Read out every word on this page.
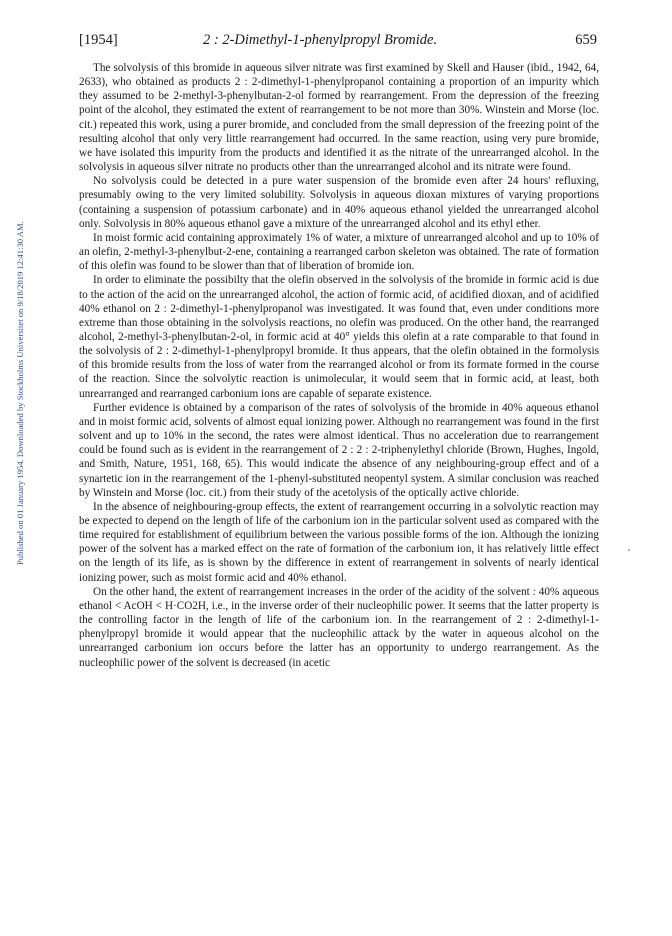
[1954]	2 : 2-Dimethyl-1-phenylpropyl Bromide.	659
Published on 01 January 1954. Downloaded by Stockholms Universitet on 9/18/2019 12:41:30 AM.

The solvolysis of this bromide in aqueous silver nitrate was first examined by Skell and Hauser (ibid., 1942, 64, 2633), who obtained as products 2 : 2-dimethyl-1-phenylpropanol containing a proportion of an impurity which they assumed to be 2-methyl-3-phenylbutan-2-ol formed by rearrangement. From the depression of the freezing point of the alcohol, they estimated the extent of rearrangement to be not more than 30%. Winstein and Morse (loc. cit.) repeated this work, using a purer bromide, and concluded from the small depression of the freezing point of the resulting alcohol that only very little rearrangement had occurred. In the same reaction, using very pure bromide, we have isolated this impurity from the products and identified it as the nitrate of the unrearranged alcohol. In the solvolysis in aqueous silver nitrate no products other than the unrearranged alcohol and its nitrate were found.

No solvolysis could be detected in a pure water suspension of the bromide even after 24 hours' refluxing, presumably owing to the very limited solubility. Solvolysis in aqueous dioxan mixtures of varying proportions (containing a suspension of potassium carbonate) and in 40% aqueous ethanol yielded the unrearranged alcohol only. Solvolysis in 80% aqueous ethanol gave a mixture of the unrearranged alcohol and its ethyl ether.

In moist formic acid containing approximately 1% of water, a mixture of unrearranged alcohol and up to 10% of an olefin, 2-methyl-3-phenylbut-2-ene, containing a rearranged carbon skeleton was obtained. The rate of formation of this olefin was found to be slower than that of liberation of bromide ion.

In order to eliminate the possibilty that the olefin observed in the solvolysis of the bromide in formic acid is due to the action of the acid on the unrearranged alcohol, the action of formic acid, of acidified dioxan, and of acidified 40% ethanol on 2 : 2-dimethyl-1-phenylpropanol was investigated. It was found that, even under conditions more extreme than those obtaining in the solvolysis reactions, no olefin was produced. On the other hand, the rearranged alcohol, 2-methyl-3-phenylbutan-2-ol, in formic acid at 40° yields this olefin at a rate comparable to that found in the solvolysis of 2 : 2-dimethyl-1-phenylpropyl bromide. It thus appears, that the olefin obtained in the formolysis of this bromide results from the loss of water from the rearranged alcohol or from its formate formed in the course of the reaction. Since the solvolytic reaction is unimolecular, it would seem that in formic acid, at least, both unrearranged and rearranged carbonium ions are capable of separate existence.

Further evidence is obtained by a comparison of the rates of solvolysis of the bromide in 40% aqueous ethanol and in moist formic acid, solvents of almost equal ionizing power. Although no rearrangement was found in the first solvent and up to 10% in the second, the rates were almost identical. Thus no acceleration due to rearrangement could be found such as is evident in the rearrangement of 2 : 2 : 2-triphenylethyl chloride (Brown, Hughes, Ingold, and Smith, Nature, 1951, 168, 65). This would indicate the absence of any neighbouring-group effect and of a synartetic ion in the rearrangement of the 1-phenyl-substituted neopentyl system. A similar conclusion was reached by Winstein and Morse (loc. cit.) from their study of the acetolysis of the optically active chloride.

In the absence of neighbouring-group effects, the extent of rearrangement occurring in a solvolytic reaction may be expected to depend on the length of life of the carbonium ion in the particular solvent used as compared with the time required for establishment of equilibrium between the various possible forms of the ion. Although the ionizing power of the solvent has a marked effect on the rate of formation of the carbonium ion, it has relatively little effect on the length of its life, as is shown by the difference in extent of rearrangement in solvents of nearly identical ionizing power, such as moist formic acid and 40% ethanol.

On the other hand, the extent of rearrangement increases in the order of the acidity of the solvent : 40% aqueous ethanol < AcOH < H·CO2H, i.e., in the inverse order of their nucleophilic power. It seems that the latter property is the controlling factor in the length of life of the carbonium ion. In the rearrangement of 2 : 2-dimethyl-1-phenylpropyl bromide it would appear that the nucleophilic attack by the water in aqueous alcohol on the unrearranged carbonium ion occurs before the latter has an opportunity to undergo rearrangement. As the nucleophilic power of the solvent is decreased (in acetic
